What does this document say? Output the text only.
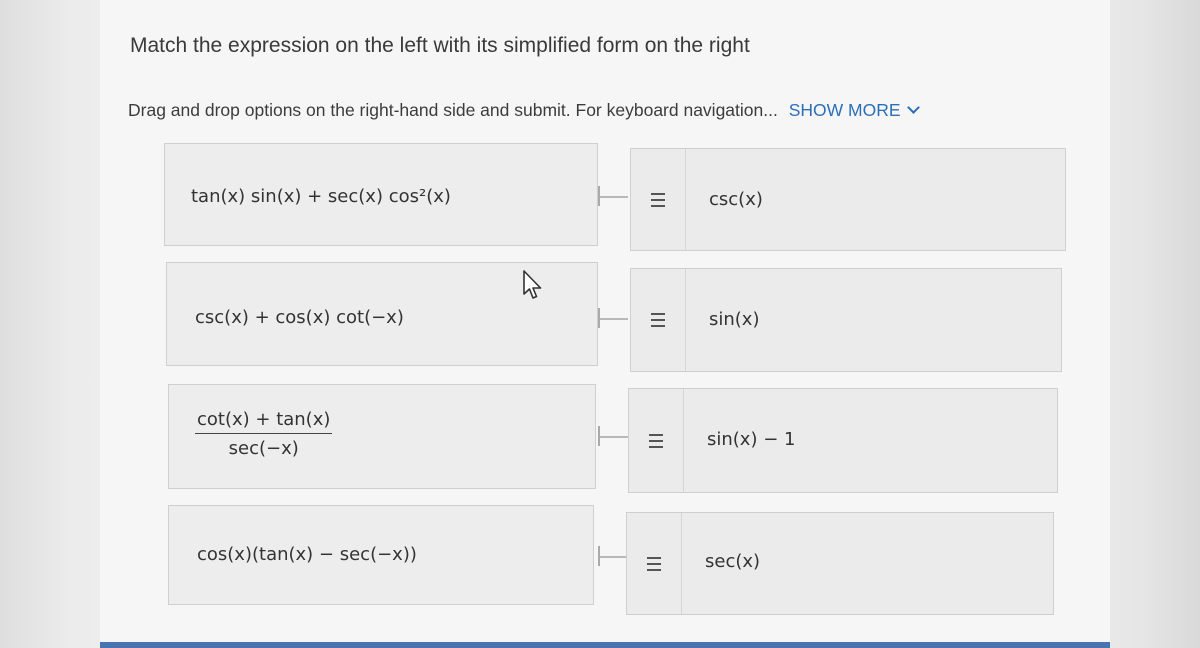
Match the expression on the left with its simplified form on the right
Drag and drop options on the right-hand side and submit. For keyboard navigation... SHOW MORE
tan(x) sin(x) + sec(x) cos²(x)
csc(x) + cos(x) cot(−x)
cot(x) + tan(x)
sec(−x)
cos(x)(tan(x) − sec(−x))
csc(x)
sin(x)
sin(x) − 1
sec(x)
